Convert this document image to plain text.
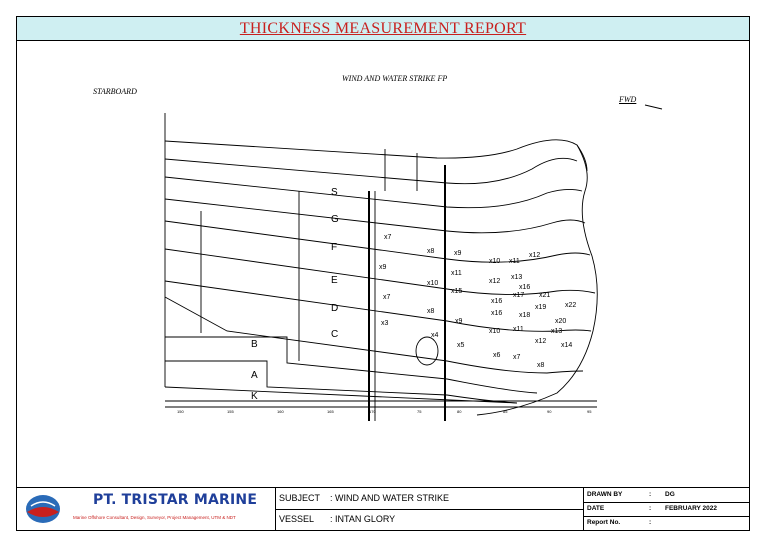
THICKNESS MEASUREMENT REPORT
WIND AND WATER STRIKE FP
STARBOARD
FWD
S
G
F
E
D
C
B
A
K
x7
x8	x9
x10 x11
x12
x9
x11
x12
x13
x10
x15
x16
x17
x16
x21
x7
x16
x19	x22
x8
x18
x20
x3	x9
x10 x11	x13
x4
x5
x12
x14
x6 x7
x8
150	155	160	165	170	75	80	85	90	95
PT. TRISTAR MARINE
Marine Offshore Consultant, Design, Surveyor, Project Management, UTM & NDT
SUBJECT : WIND AND WATER STRIKE
VESSEL : INTAN GLORY
DRAWN BY	: DG
DATE	: FEBRUARY 2022
Report No.	:
